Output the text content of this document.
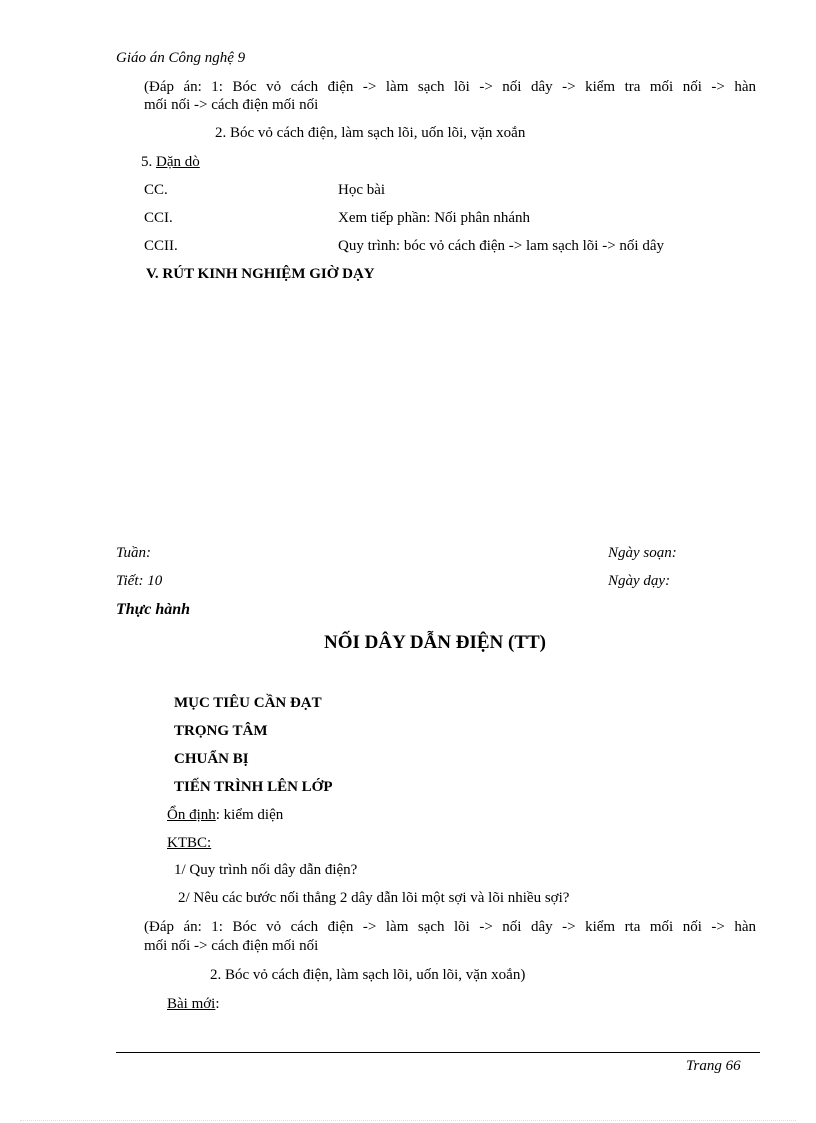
Giáo án Công nghệ 9
(Đáp án: 1: Bóc vỏ cách điện -> làm sạch lõi -> nối dây -> kiểm tra mối nối -> hàn
mối nối -> cách điện mối nối
2. Bóc vỏ cách điện, làm sạch lõi, uốn lõi, vặn xoắn
5. Dặn dò
CC.	Học bài
CCI.	Xem tiếp phần: Nối phân nhánh
CCII.	Quy trình: bóc vỏ cách điện -> lam sạch lõi -> nối dây
V. RÚT KINH NGHIỆM GIỜ DẠY
Tuần:	Ngày soạn:
Tiết: 10	Ngày dạy:
Thực hành
NỐI DÂY DẪN ĐIỆN (TT)
MỤC TIÊU CẦN ĐẠT
TRỌNG TÂM
CHUẨN BỊ
TIẾN TRÌNH LÊN LỚP
Ổn định: kiểm diện
KTBC:
1/ Quy trình nối dây dẫn điện?
2/ Nêu các bước nối thẳng 2 dây dẫn lõi một sợi và lõi nhiều sợi?
(Đáp án: 1: Bóc vỏ cách điện -> làm sạch lõi -> nối dây -> kiểm rta mối nối -> hàn
mối nối -> cách điện mối nối
2. Bóc vỏ cách điện, làm sạch lõi, uốn lõi, vặn xoắn)
Bài mới:
Trang 66
